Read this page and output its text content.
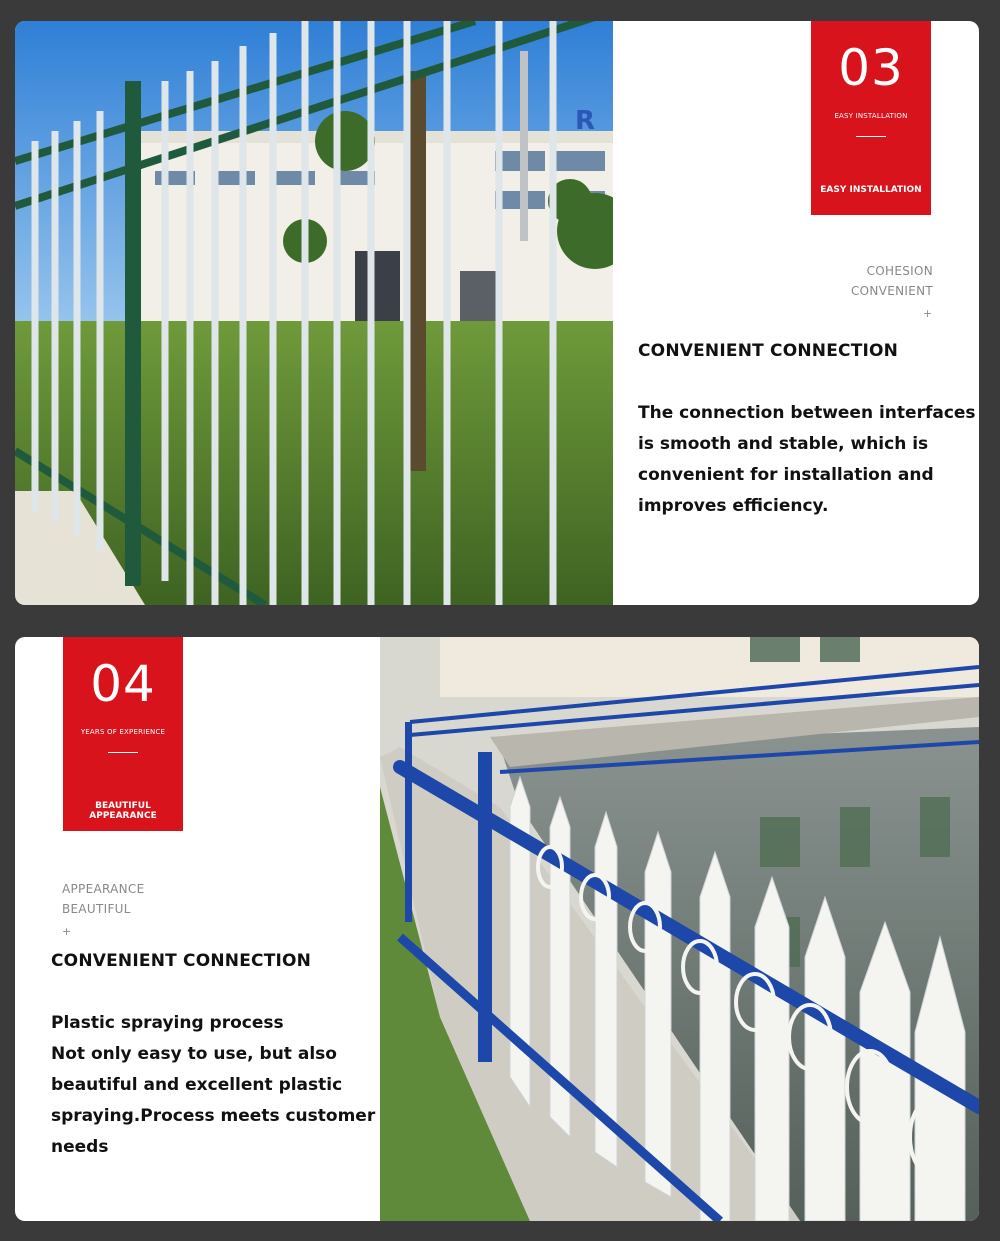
R
03
EASY INSTALLATION
EASY INSTALLATION
COHESION
CONVENIENT
+
CONVENIENT CONNECTION
The connection between interfaces
is smooth and stable, which is
convenient for installation and
improves efficiency.
04
YEARS OF EXPERIENCE
BEAUTIFUL APPEARANCE
APPEARANCE
BEAUTIFUL
+
CONVENIENT CONNECTION
Plastic spraying process
Not only easy to use, but also
beautiful and excellent plastic
spraying.Process meets customer
needs
